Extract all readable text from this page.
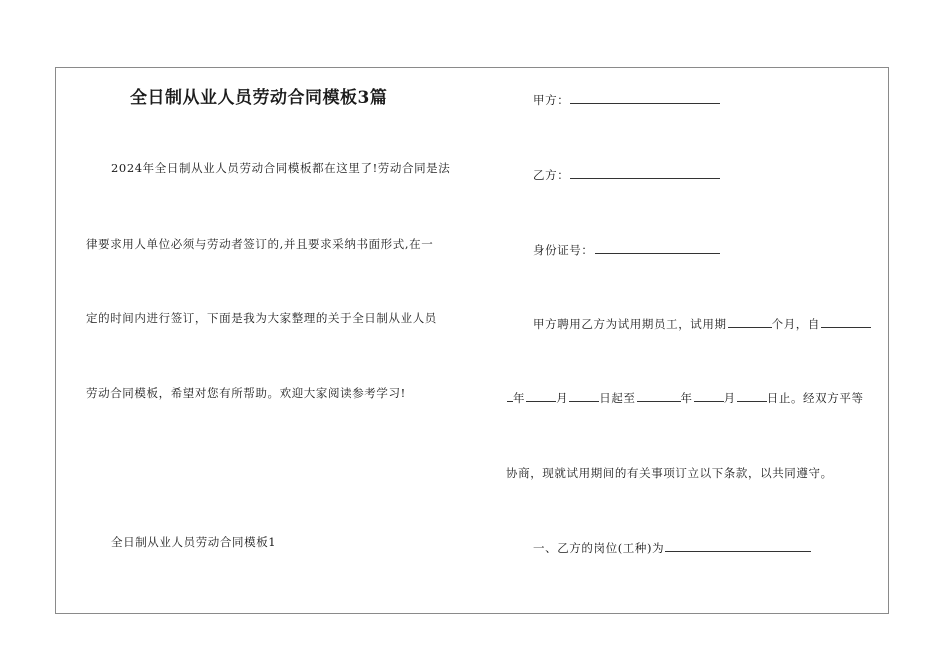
全日制从业人员劳动合同模板3篇
2024年全日制从业人员劳动合同模板都在这里了!劳动合同是法
律要求用人单位必须与劳动者签订的,并且要求采纳书面形式,在一
定的时间内进行签订，下面是我为大家整理的关于全日制从业人员
劳动合同模板，希望对您有所帮助。欢迎大家阅读参考学习!
全日制从业人员劳动合同模板1
甲方：
乙方：
身份证号：
甲方聘用乙方为试用期员工，试用期	个月，自
年	月	日起至	年	月	日止。经双方平等
协商，现就试用期间的有关事项订立以下条款，以共同遵守。
一、乙方的岗位(工种)为
